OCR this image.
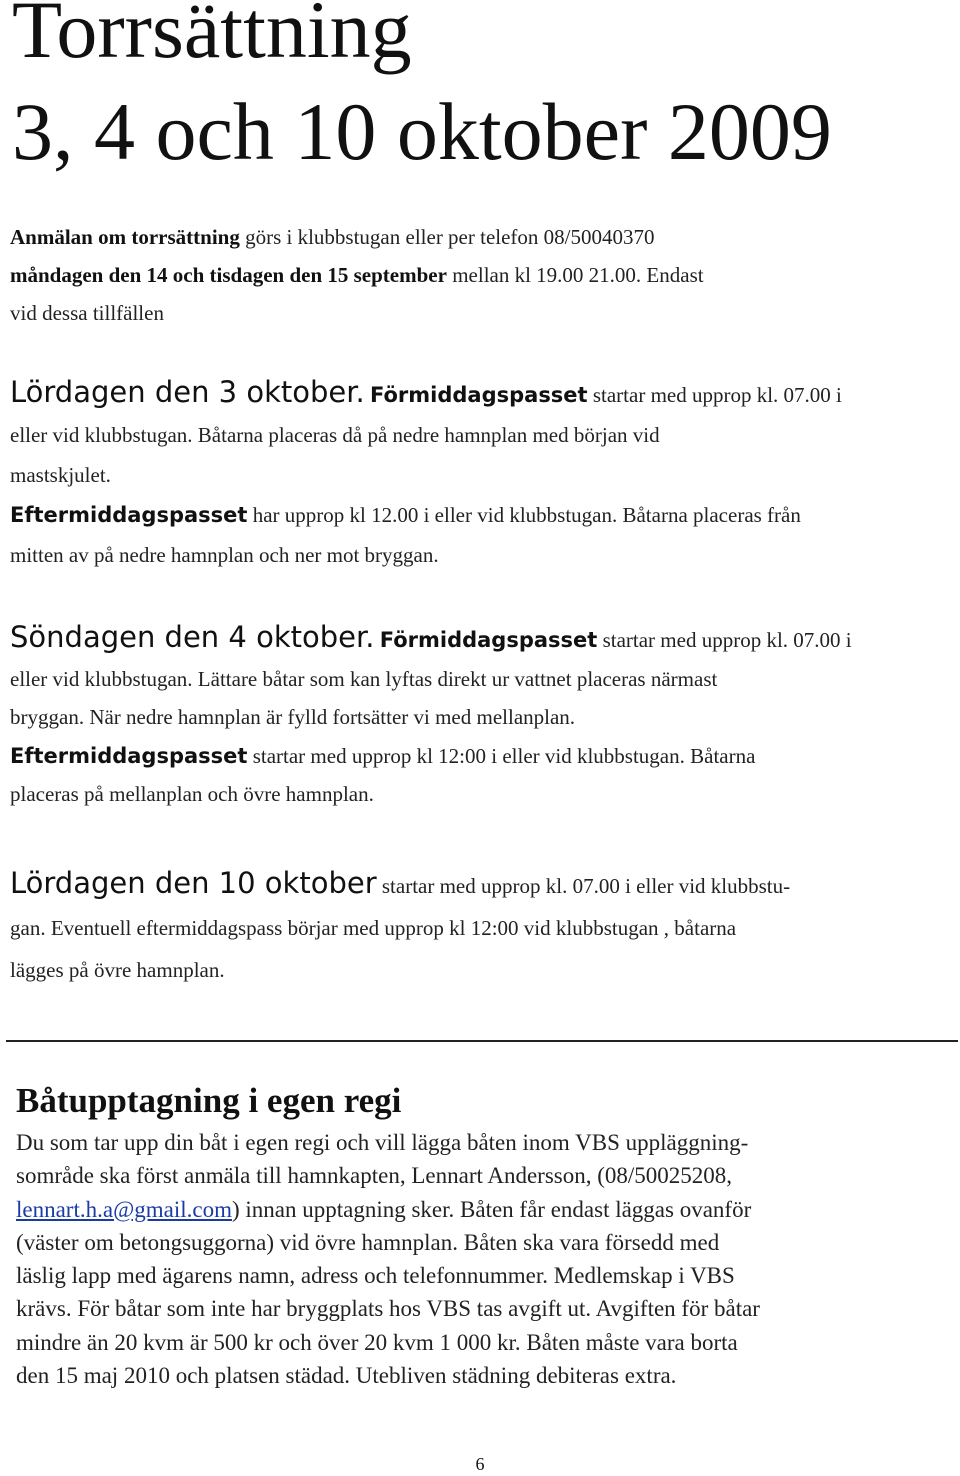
Torrsättning
3, 4 och 10 oktober 2009

Anmälan om torrsättning görs i klubbstugan eller per telefon 08/50040370
måndagen den 14 och tisdagen den 15 september mellan kl 19.00 21.00. Endast
vid dessa tillfällen

Lördagen den 3 oktober. Förmiddagspasset startar med upprop kl. 07.00 i
eller vid klubbstugan. Båtarna placeras då på nedre hamnplan med början vid
mastskjulet.
Eftermiddagspasset har upprop kl 12.00 i eller vid klubbstugan. Båtarna placeras från
mitten av på nedre hamnplan och ner mot bryggan.

Söndagen den 4 oktober. Förmiddagspasset startar med upprop kl. 07.00 i
eller vid klubbstugan. Lättare båtar som kan lyftas direkt ur vattnet placeras närmast
bryggan. När nedre hamnplan är fylld fortsätter vi med mellanplan.
Eftermiddagspasset startar med upprop kl 12:00 i eller vid klubbstugan. Båtarna
placeras på mellanplan och övre hamnplan.

Lördagen den 10 oktober startar med upprop kl. 07.00 i eller vid klubbstu-
gan. Eventuell eftermiddagspass börjar med upprop kl 12:00 vid klubbstugan , båtarna
lägges på övre hamnplan.

Båtupptagning i egen regi

Du som tar upp din båt i egen regi och vill lägga båten inom VBS uppläggning-
sområde ska först anmäla till hamnkapten, Lennart Andersson, (08/50025208,
lennart.h.a@gmail.com) innan upptagning sker. Båten får endast läggas ovanför
(väster om betongsuggorna) vid övre hamnplan. Båten ska vara försedd med
läslig lapp med ägarens namn, adress och telefonnummer. Medlemskap i VBS
krävs. För båtar som inte har bryggplats hos VBS tas avgift ut. Avgiften för båtar
mindre än 20 kvm är 500 kr och över 20 kvm 1 000 kr. Båten måste vara borta
den 15 maj 2010 och platsen städad. Utebliven städning debiteras extra.

6
